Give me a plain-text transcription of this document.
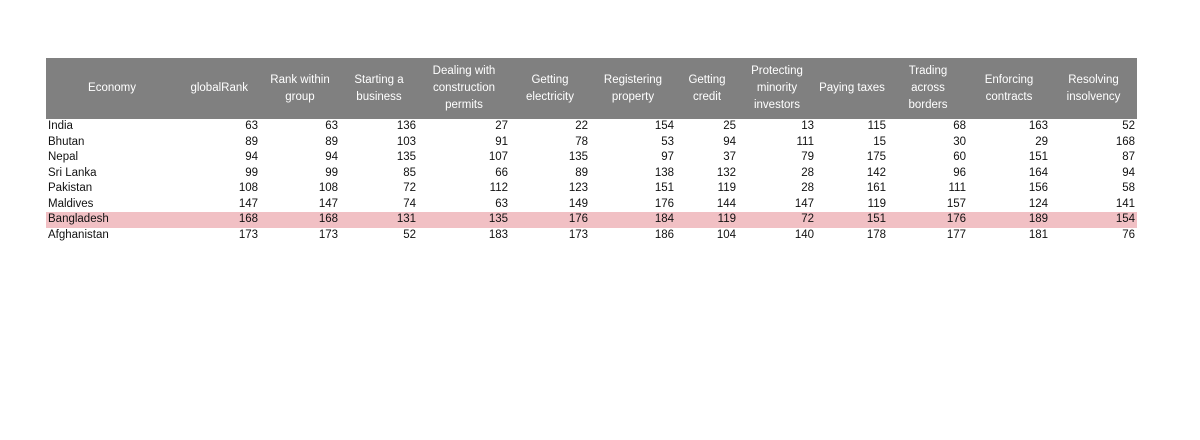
Economy	globalRank	Rank within group	Starting a business	Dealing with construction permits	Getting electricity	Registering property	Getting credit	Protecting minority investors	Paying taxes	Trading across borders	Enforcing contracts	Resolving insolvency
India	63	63	136	27	22	154	25	13	115	68	163	52
Bhutan	89	89	103	91	78	53	94	111	15	30	29	168
Nepal	94	94	135	107	135	97	37	79	175	60	151	87
Sri Lanka	99	99	85	66	89	138	132	28	142	96	164	94
Pakistan	108	108	72	112	123	151	119	28	161	111	156	58
Maldives	147	147	74	63	149	176	144	147	119	157	124	141
Bangladesh	168	168	131	135	176	184	119	72	151	176	189	154
Afghanistan	173	173	52	183	173	186	104	140	178	177	181	76
